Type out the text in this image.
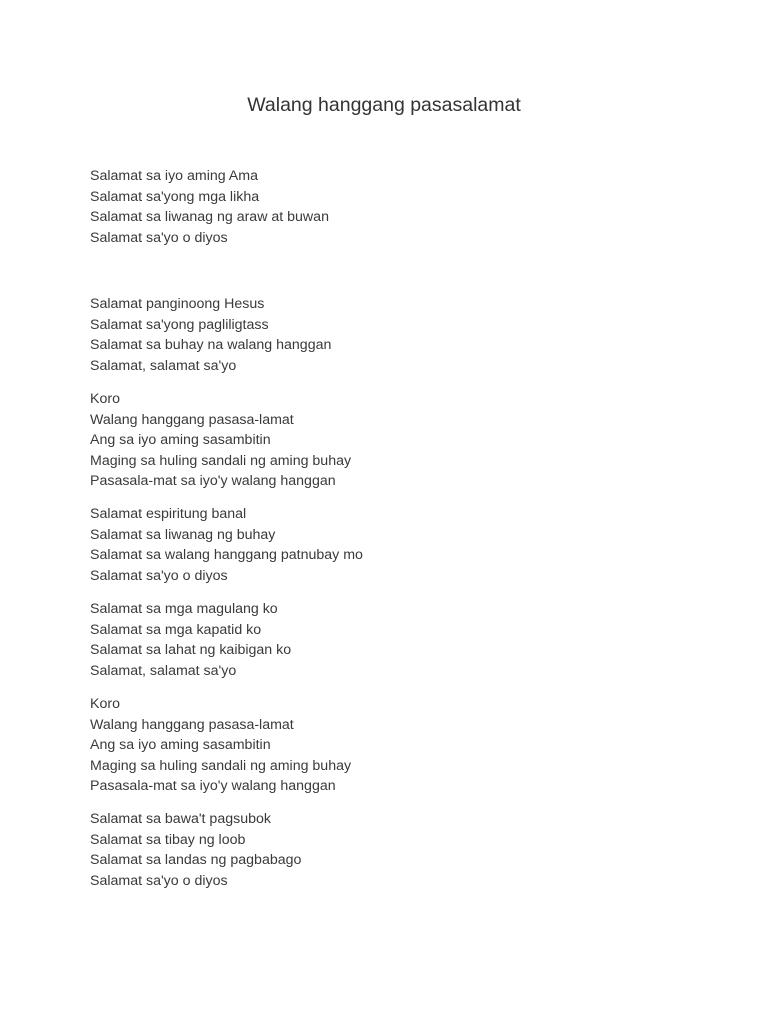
Walang hanggang pasasalamat
Salamat sa iyo aming Ama
Salamat sa'yong mga likha
Salamat sa liwanag ng araw at buwan
Salamat sa'yo o diyos
Salamat panginoong Hesus
Salamat sa'yong pagliligtass
Salamat sa buhay na walang hanggan
Salamat, salamat sa'yo
Koro
Walang hanggang pasasa-lamat
Ang sa iyo aming sasambitin
Maging sa huling sandali ng aming buhay
Pasasala-mat sa iyo'y walang hanggan
Salamat espiritung banal
Salamat sa liwanag ng buhay
Salamat sa walang hanggang patnubay mo
Salamat sa'yo o diyos
Salamat sa mga magulang ko
Salamat sa mga kapatid ko
Salamat sa lahat ng kaibigan ko
Salamat, salamat sa'yo
Koro
Walang hanggang pasasa-lamat
Ang sa iyo aming sasambitin
Maging sa huling sandali ng aming buhay
Pasasala-mat sa iyo'y walang hanggan
Salamat sa bawa't pagsubok
Salamat sa tibay ng loob
Salamat sa landas ng pagbabago
Salamat sa'yo o diyos
